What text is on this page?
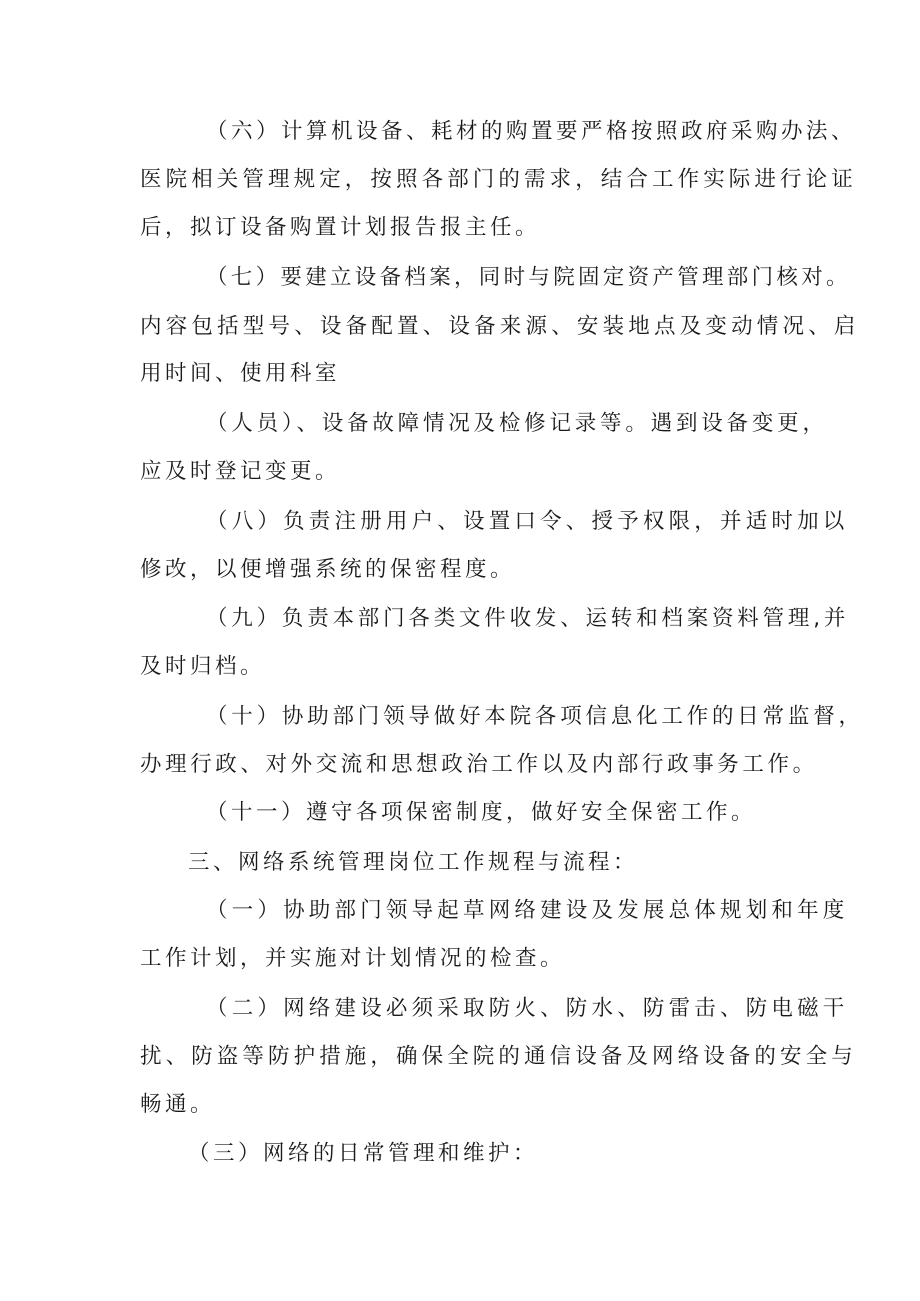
（六）计算机设备、耗材的购置要严格按照政府采购办法、

医院相关管理规定，按照各部门的需求，结合工作实际进行论证

后，拟订设备购置计划报告报主任。

（七）要建立设备档案，同时与院固定资产管理部门核对。

内容包括型号、设备配置、设备来源、安装地点及变动情况、启

用时间、使用科室

（人员）、设备故障情况及检修记录等。遇到设备变更，

应及时登记变更。

（八）负责注册用户、设置口令、授予权限，并适时加以

修改，以便增强系统的保密程度。

（九）负责本部门各类文件收发、运转和档案资料管理,并

及时归档。

（十）协助部门领导做好本院各项信息化工作的日常监督，

办理行政、对外交流和思想政治工作以及内部行政事务工作。

（十一）遵守各项保密制度，做好安全保密工作。

三、网络系统管理岗位工作规程与流程：

（一）协助部门领导起草网络建设及发展总体规划和年度

工作计划，并实施对计划情况的检查。

（二）网络建设必须采取防火、防水、防雷击、防电磁干

扰、防盗等防护措施，确保全院的通信设备及网络设备的安全与

畅通。

（三）网络的日常管理和维护：
